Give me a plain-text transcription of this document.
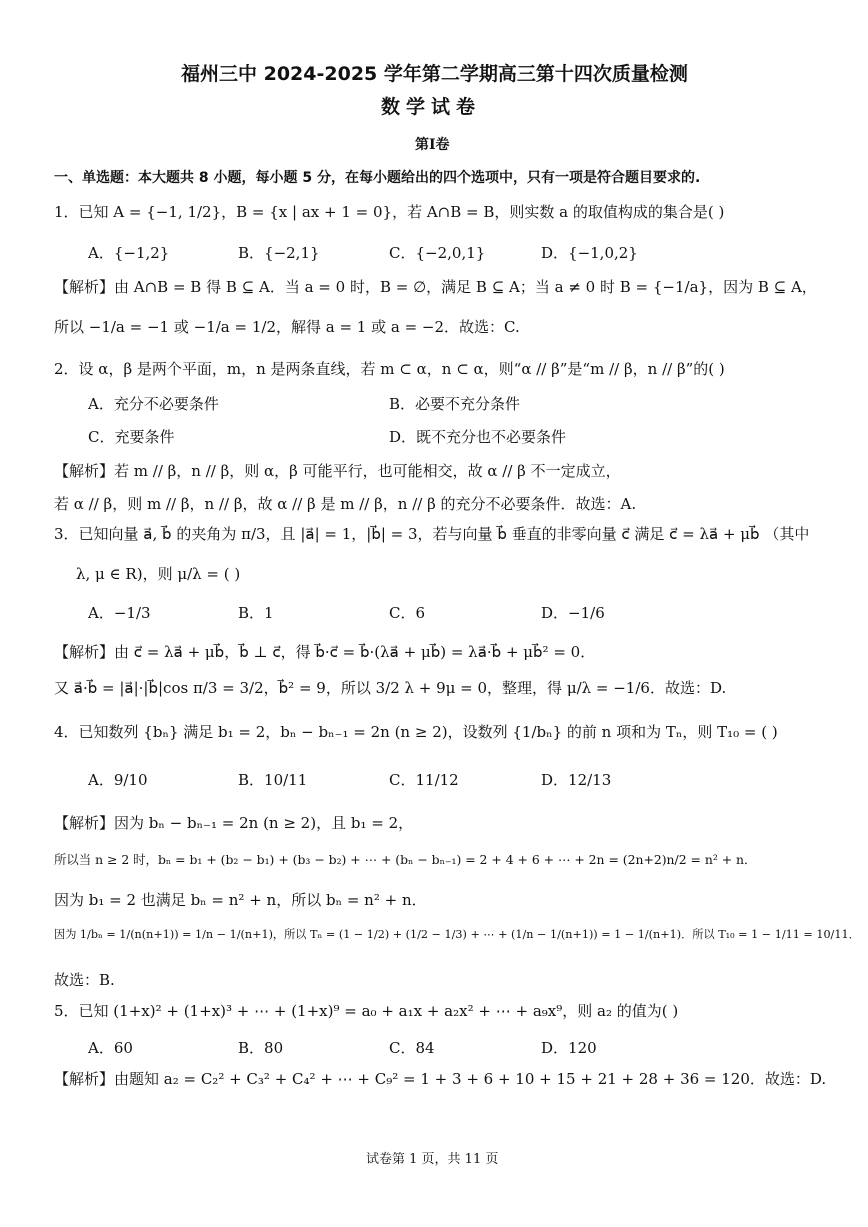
福州三中 2024-2025 学年第二学期高三第十四次质量检测
数学试卷
第Ⅰ卷
一、单选题：本大题共 8 小题，每小题 5 分，在每小题给出的四个选项中，只有一项是符合题目要求的.
1．已知 A = {−1, 1/2}，B = {x | ax + 1 = 0}，若 A∩B = B，则实数 a 的取值构成的集合是( )
A．{−1,2}	B．{−2,1}	C．{−2,0,1}	D．{−1,0,2}
【解析】由 A∩B = B 得 B ⊆ A．当 a = 0 时，B = ∅，满足 B ⊆ A；当 a ≠ 0 时 B = {−1/a}，因为 B ⊆ A，
所以 −1/a = −1 或 −1/a = 1/2，解得 a = 1 或 a = −2．故选：C.
2．设 α，β 是两个平面，m，n 是两条直线，若 m ⊂ α，n ⊂ α，则“α // β”是“m // β，n // β”的( )
A．充分不必要条件	B．必要不充分条件
C．充要条件	D．既不充分也不必要条件
【解析】若 m // β，n // β，则 α，β 可能平行，也可能相交，故 α // β 不一定成立，
若 α // β，则 m // β，n // β，故 α // β 是 m // β，n // β 的充分不必要条件．故选：A.
3．已知向量 a⃗, b⃗ 的夹角为 π/3，且 |a⃗| = 1，|b⃗| = 3，若与向量 b⃗ 垂直的非零向量 c⃗ 满足 c⃗ = λa⃗ + μb⃗ （其中
λ, μ ∈ R)，则 μ/λ = ( )
A．−1/3	B．1	C．6	D．−1/6
【解析】由 c⃗ = λa⃗ + μb⃗，b⃗ ⊥ c⃗，得 b⃗·c⃗ = b⃗·(λa⃗ + μb⃗) = λa⃗·b⃗ + μb⃗² = 0．
又 a⃗·b⃗ = |a⃗|·|b⃗|cos π/3 = 3/2，b⃗² = 9，所以 3/2 λ + 9μ = 0，整理，得 μ/λ = −1/6．故选：D.
4．已知数列 {bₙ} 满足 b₁ = 2，bₙ − bₙ₋₁ = 2n (n ≥ 2)，设数列 {1/bₙ} 的前 n 项和为 Tₙ，则 T₁₀ = ( )
A．9/10	B．10/11	C．11/12	D．12/13
【解析】因为 bₙ − bₙ₋₁ = 2n (n ≥ 2)，且 b₁ = 2，
所以当 n ≥ 2 时，bₙ = b₁ + (b₂ − b₁) + (b₃ − b₂) + ⋯ + (bₙ − bₙ₋₁) = 2 + 4 + 6 + ⋯ + 2n = (2n+2)n/2 = n² + n．
因为 b₁ = 2 也满足 bₙ = n² + n，所以 bₙ = n² + n．
因为 1/bₙ = 1/(n(n+1)) = 1/n − 1/(n+1)，所以 Tₙ = (1 − 1/2) + (1/2 − 1/3) + ⋯ + (1/n − 1/(n+1)) = 1 − 1/(n+1)．所以 T₁₀ = 1 − 1/11 = 10/11．
故选：B.
5．已知 (1+x)² + (1+x)³ + ⋯ + (1+x)⁹ = a₀ + a₁x + a₂x² + ⋯ + a₉x⁹，则 a₂ 的值为( )
A．60	B．80	C．84	D．120
【解析】由题知 a₂ = C₂² + C₃² + C₄² + ⋯ + C₉² = 1 + 3 + 6 + 10 + 15 + 21 + 28 + 36 = 120．故选：D.
试卷第 1 页，共 11 页
